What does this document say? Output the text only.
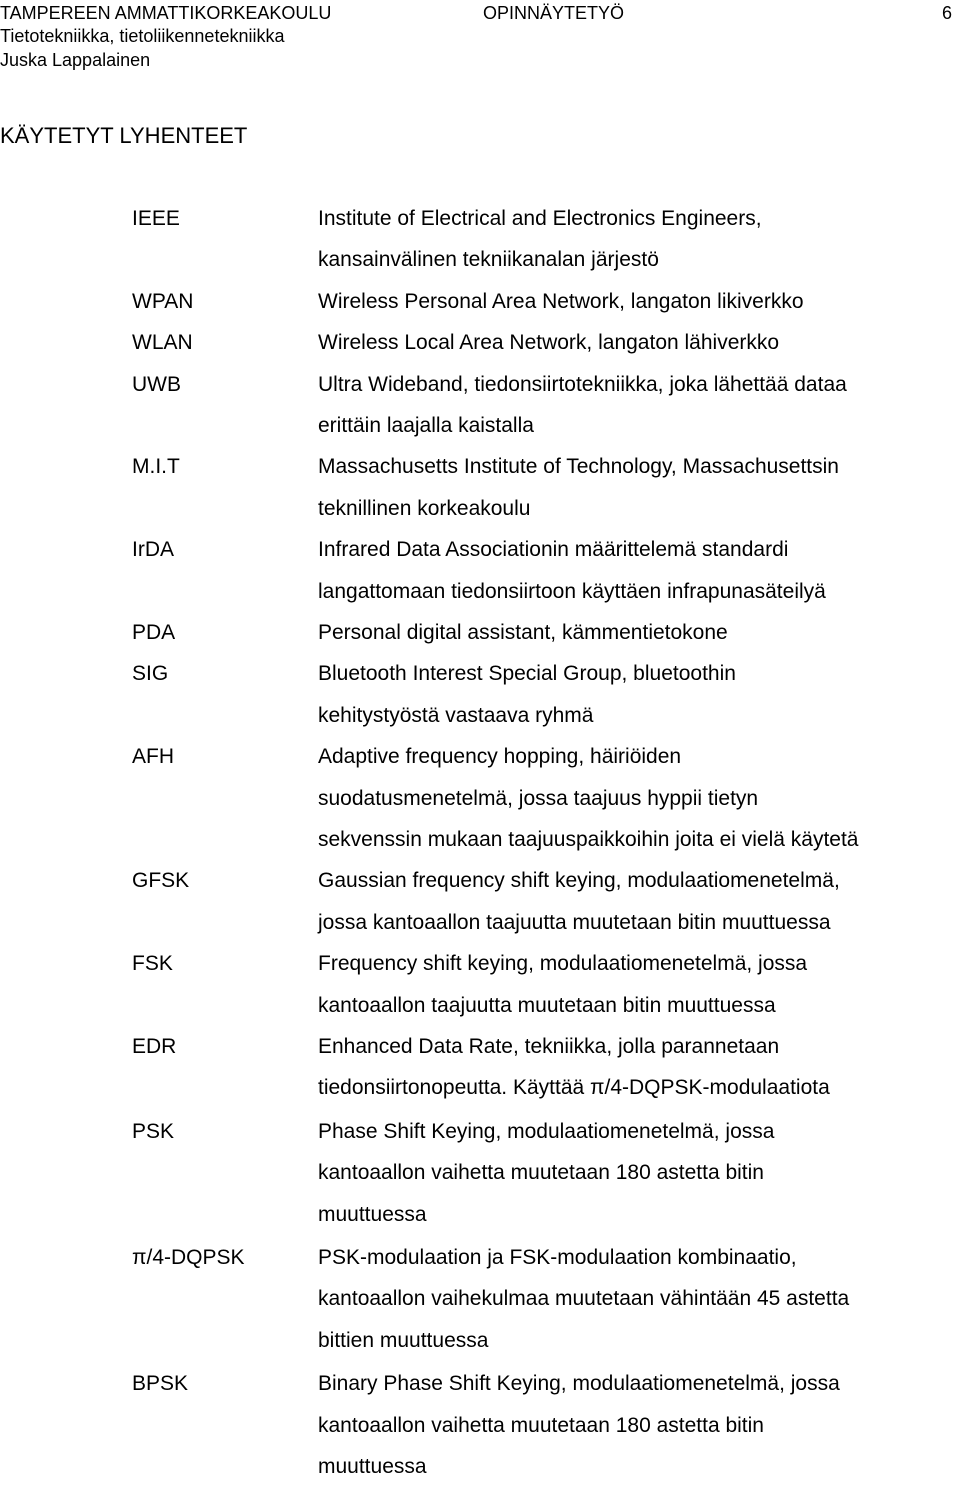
TAMPEREEN AMMATTIKORKEAKOULU
Tietotekniikka, tietoliikennetekniikka
Juska Lappalainen
OPINNÄYTETYÖ	6
KÄYTETYT LYHENTEET
IEEE	Institute of Electrical and Electronics Engineers,
kansainvälinen tekniikanalan järjestö
WPAN	Wireless Personal Area Network, langaton likiverkko
WLAN	Wireless Local Area Network, langaton lähiverkko
UWB	Ultra Wideband, tiedonsiirtotekniikka, joka lähettää dataa
erittäin laajalla kaistalla
M.I.T	Massachusetts Institute of Technology, Massachusettsin
teknillinen korkeakoulu
IrDA	Infrared Data Associationin määrittelemä standardi
langattomaan tiedonsiirtoon käyttäen infrapunasäteilyä
PDA	Personal digital assistant, kämmentietokone
SIG	Bluetooth Interest Special Group, bluetoothin
kehitystyöstä vastaava ryhmä
AFH	Adaptive frequency hopping, häiriöiden
suodatusmenetelmä, jossa taajuus hyppii tietyn
sekvenssin mukaan taajuuspaikkoihin joita ei vielä käytetä
GFSK	Gaussian frequency shift keying, modulaatiomenetelmä,
jossa kantoaallon taajuutta muutetaan bitin muuttuessa
FSK	Frequency shift keying, modulaatiomenetelmä, jossa
kantoaallon taajuutta muutetaan bitin muuttuessa
EDR	Enhanced Data Rate, tekniikka, jolla parannetaan
tiedonsiirtonopeutta. Käyttää π/4-DQPSK-modulaatiota
PSK	Phase Shift Keying, modulaatiomenetelmä, jossa
kantoaallon vaihetta muutetaan 180 astetta bitin
muuttuessa
π/4-DQPSK	PSK-modulaation ja FSK-modulaation kombinaatio,
kantoaallon vaihekulmaa muutetaan vähintään 45 astetta
bittien muuttuessa
BPSK	Binary Phase Shift Keying, modulaatiomenetelmä, jossa
kantoaallon vaihetta muutetaan 180 astetta bitin
muuttuessa
